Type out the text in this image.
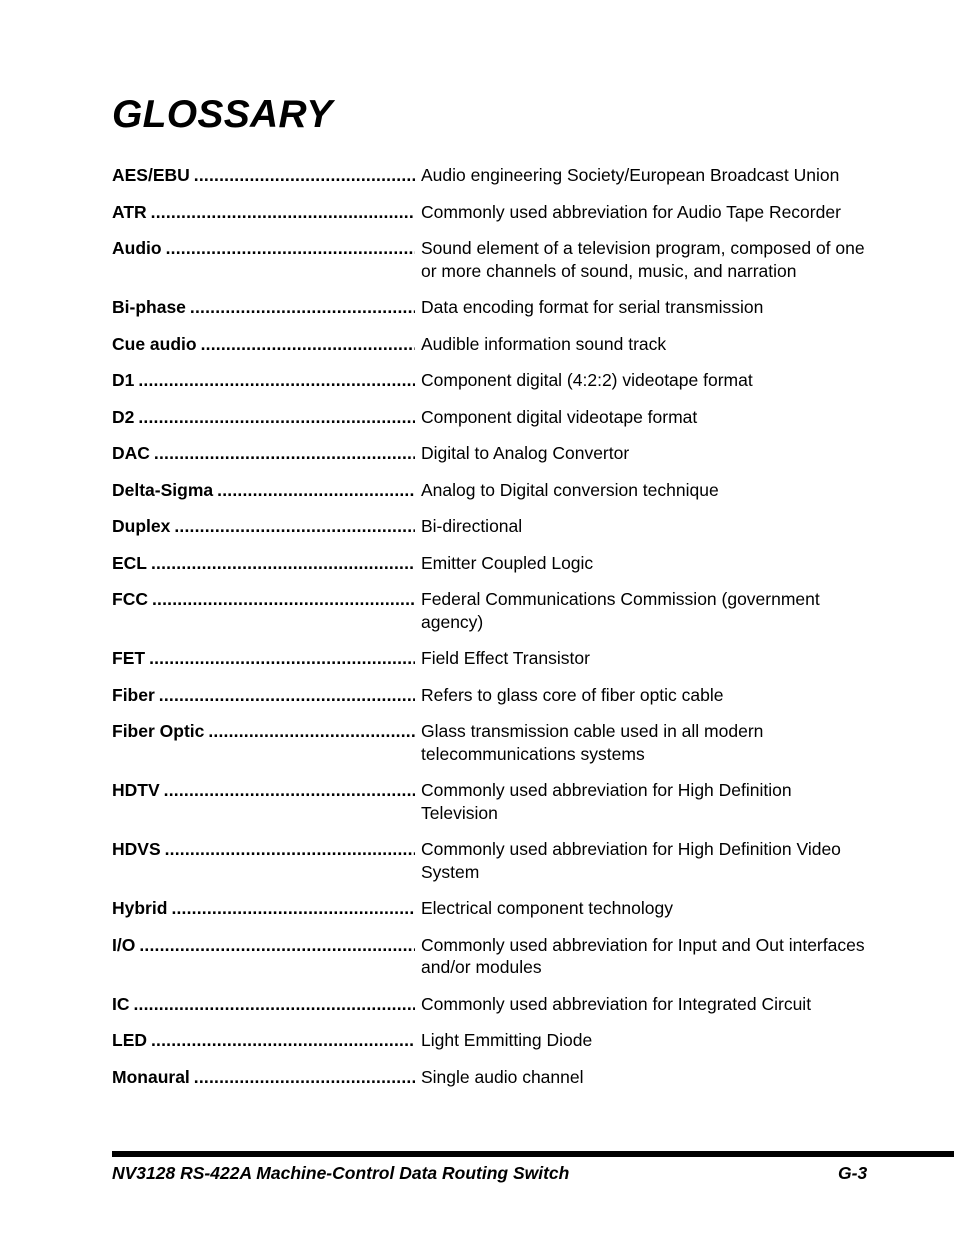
GLOSSARY
AES/EBU .....	Audio engineering Society/European Broadcast Union
ATR .....	Commonly used abbreviation for Audio Tape Recorder
Audio .....	Sound element of a television program, composed of one or more channels of sound, music, and narration
Bi-phase .....	Data encoding format for serial transmission
Cue audio .....	Audible information sound track
D1 .....	Component digital (4:2:2) videotape format
D2 .....	Component digital videotape format
DAC .....	Digital to Analog Convertor
Delta-Sigma .....	Analog to Digital conversion technique
Duplex .....	Bi-directional
ECL .....	Emitter Coupled Logic
FCC .....	Federal Communications Commission (government agency)
FET .....	Field Effect Transistor
Fiber .....	Refers to glass core of fiber optic cable
Fiber Optic .....	Glass transmission cable used in all modern telecommunications systems
HDTV .....	Commonly used abbreviation for High Definition Television
HDVS .....	Commonly used abbreviation for High Definition Video System
Hybrid .....	Electrical component technology
I/O .....	Commonly used abbreviation for Input and Out interfaces and/or modules
IC .....	Commonly used abbreviation for Integrated Circuit
LED .....	Light Emmitting Diode
Monaural .....	Single audio channel
NV3128 RS-422A Machine-Control Data Routing Switch	G-3
